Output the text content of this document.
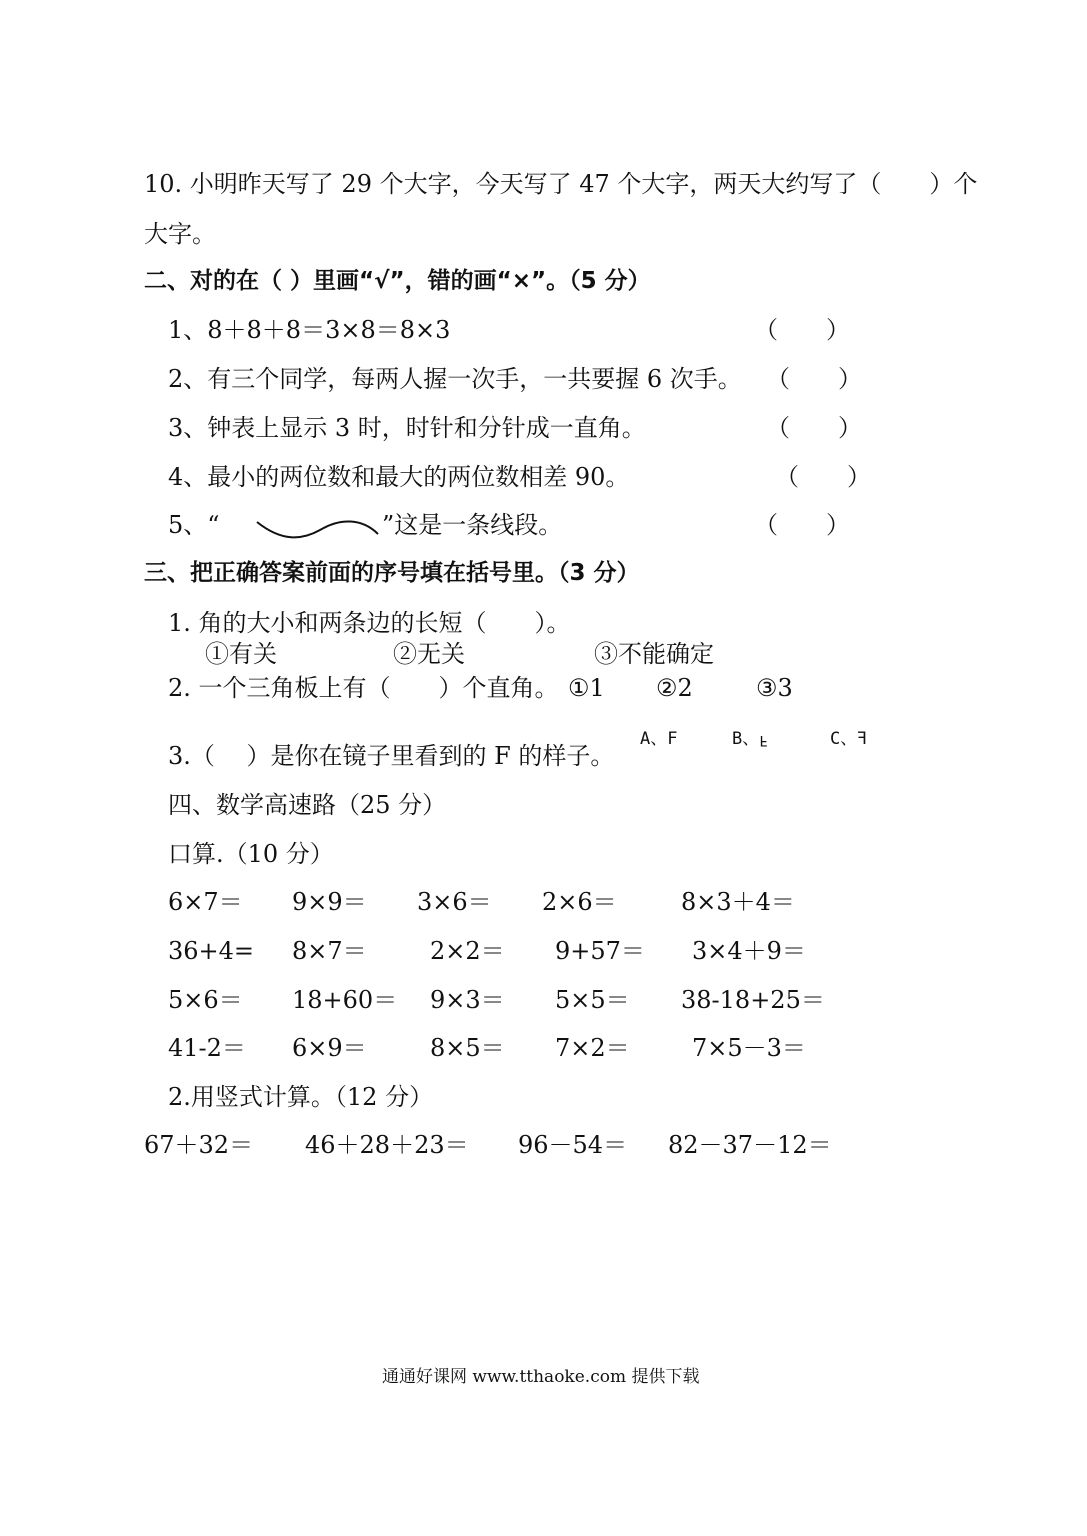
10. 小明昨天写了 29 个大字，今天写了 47 个大字，两天大约写了（　　）个
大字。
二、对的在（ ）里画“√”，错的画“×”。（5 分）
1、8＋8＋8＝3×8＝8×3	（　　）
2、有三个同学，每两人握一次手，一共要握 6 次手。 （　　）
3、钟表上显示 3 时，时针和分针成一直角。	（　　）
4、最小的两位数和最大的两位数相差 90。	（　　）
5、“	”这是一条线段。	（　　）
三、把正确答案前面的序号填在括号里。（3 分）
1. 角的大小和两条边的长短（　　）。
①有关	②无关	③不能确定
2. 一个三角板上有（　　）个直角。 ①1 ②2	③3
3.（　 ）是你在镜子里看到的 F 的样子。
A、F	B、F	C、F
四、数学高速路（25 分）
口算.（10 分）
6×7＝ 9×9＝ 3×6＝ 2×6＝	8×3＋4＝
36+4= 8×7＝	2×2＝ 9+57＝ 3×4＋9＝
5×6＝ 18+60＝ 9×3＝ 5×5＝ 38-18+25＝
41-2＝ 6×9＝	8×5＝ 7×2＝	7×5－3＝
2.用竖式计算。（12 分）
67＋32＝ 46＋28＋23＝ 96－54＝ 82－37－12＝
通通好课网 www.tthaoke.com 提供下载
